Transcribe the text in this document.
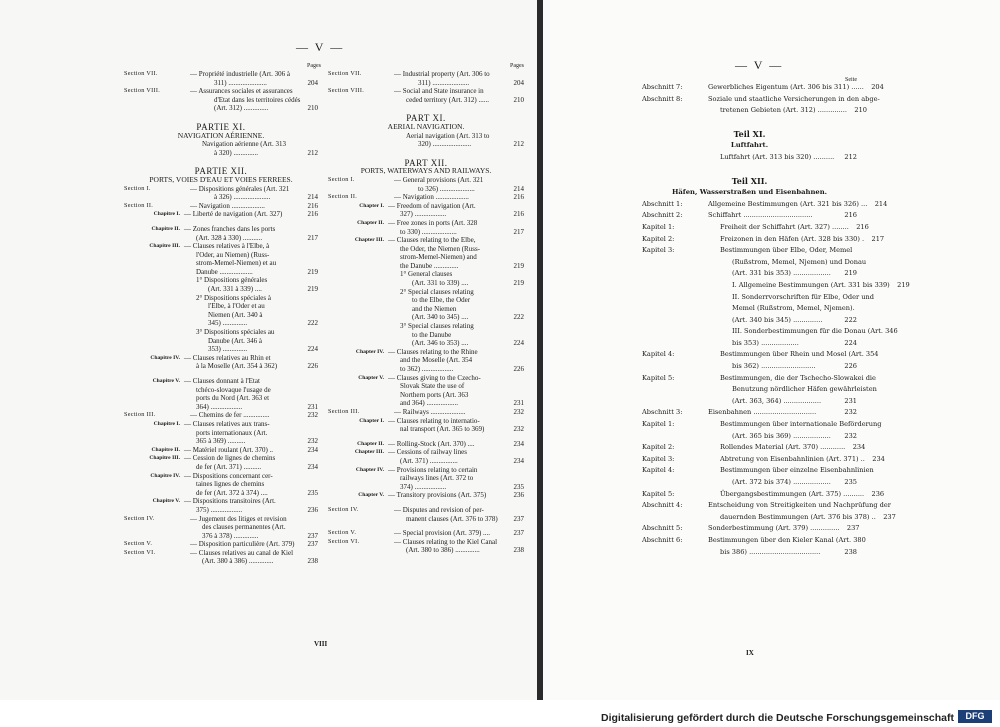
— V —
— V —
Pages	Pages
Seite
Section VII.	— Propriété industrielle (Art. 306 à
311) ......................	204
Section VIII.	— Assurances sociales et assurances
d'Etat dans les territoires cédés
(Art. 312) ..............	210
PARTIE XI.
NAVIGATION AÉRIENNE.
Navigation aérienne (Art. 313
à 320) ..............	212
PARTIE XII.
PORTS, VOIES D'EAU ET VOIES FERREES.
Section I.	— Dispositions générales (Art. 321
à 326) .....................	214
Section II.	— Navigation ...................	216
Chapitre I. — Liberté de navigation (Art. 327)	216
Chapitre II. — Zones franches dans les ports
(Art. 328 à 330) ...........	217
Chapitre III. — Clauses relatives à l'Elbe, à
l'Oder, au Niemen) (Russ-
strom-Memel-Niemen) et au
Danube ...................	219
1° Dispositions générales
(Art. 331 à 339) ....	219
2° Dispositions spéciales à
l'Elbe, à l'Oder et au
Niemen (Art. 340 à
345) ..............	222
3° Dispositions spéciales au
Danube (Art. 346 à
353) ..............	224
Chapitre IV. — Clauses relatives au Rhin et
à la Moselle (Art. 354 à 362)	226
Chapitre V. — Clauses donnant à l'Etat
tchéco-slovaque l'usage de
ports du Nord (Art. 363 et
364) ..................	231
Section III.	— Chemins de fer ...............	232
Chapitre I. — Clauses relatives aux trans-
ports internationaux (Art.
365 à 369) ..........	232
Chapitre II. — Matériel roulant (Art. 370) ..	234
Chapitre III. — Cession de lignes de chemins
de fer (Art. 371) ..........	234
Chapitre IV. — Dispositions concernant cer-
taines lignes de chemins
de fer (Art. 372 à 374) ....	235
Chapitre V. — Dispositions transitoires (Art.
375) ..................	236
Section IV.	— Jugement des litiges et revision
des clauses permanentes (Art.
376 à 378) ..............	237
Section V.	— Disposition particulière (Art. 379)	237
Section VI.	— Clauses relatives au canal de Kiel
(Art. 380 à 386) ..............	238
Section VII.	— Industrial property (Art. 306 to
311) .....................	204
Section VIII.	— Social and State insurance in
ceded territory (Art. 312) ......	210
PART XI.
AERIAL NAVIGATION.
Aerial navigation (Art. 313 to
320) ......................	212
PART XII.
PORTS, WATERWAYS AND RAILWAYS.
Section I.	— General provisions (Art. 321
to 326) ....................	214
Section II.	— Navigation ...................	216
Chapter I. — Freedom of navigation (Art.
327) ..................	216
Chapter II. — Free zones in ports (Art. 328
to 330) ....................	217
Chapter III. — Clauses relating to the Elbe,
the Oder, the Niemen (Russ-
strom-Memel-Niemen) and
the Danube ..............	219
1° General clauses
(Art. 331 to 339) ....	219
2° Special clauses relating
to the Elbe, the Oder
and the Niemen
(Art. 340 to 345) ....	222
3° Special clauses relating
to the Danube
(Art. 346 to 353) ....	224
Chapter IV. — Clauses relating to the Rhine
and the Moselle (Art. 354
to 362) ..................	226
Chapter V. — Clauses giving to the Czecho-
Slovak State the use of
Northern ports (Art. 363
and 364) ..................	231
Section III.	— Railways ....................	232
Chapter I. — Clauses relating to internatio-
nal transport (Art. 365 to 369)	232
Chapter II. — Rolling-Stock (Art. 370) ....	234
Chapter III. — Cessions of railway lines
(Art. 371) ................	234
Chapter IV. — Provisions relating to certain
railways lines (Art. 372 to
374) ..................	235
Chapter V. — Transitory provisions (Art. 375)	236
Section IV.	— Disputes and revision of per-
manent clauses (Art. 376 to 378)	237
Section V.	— Special provision (Art. 379) ....	237
Section VI.	— Clauses relating to the Kiel Canal
(Art. 380 to 386) ..............	238
Abschnitt 7:	Gewerbliches Eigentum (Art. 306 bis 311) ......	204
Abschnitt 8:	Soziale und staatliche Versicherungen in den abge-
tretenen Gebieten (Art. 312) ..............	210
Teil XI.
Luftfahrt.
Luftfahrt (Art. 313 bis 320) ..........	212
Teil XII.
Häfen, Wasserstraßen und Eisenbahnen.
Abschnitt 1:	Allgemeine Bestimmungen (Art. 321 bis 326) ...	214
Abschnitt 2:	Schiffahrt .................................	216
Kapitel 1:	Freiheit der Schiffahrt (Art. 327) ........	216
Kapitel 2:	Freizonen in den Häfen (Art. 328 bis 330) .	217
Kapitel 3:	Bestimmungen über Elbe, Oder, Memel
(Rußstrom, Memel, Njemen) und Donau
(Art. 331 bis 353) ..................	219
I. Allgemeine Bestimmungen (Art. 331 bis 339)	219
II. Sonderrvorschriften für Elbe, Oder und
Memel (Rußstrom, Memel, Njemen).
(Art. 340 bis 345) ..............	222
III. Sonderbestimmungen für die Donau (Art. 346
bis 353) ..................	224
Kapitel 4:	Bestimmungen über Rhein und Mosel (Art. 354
bis 362) ..........................	226
Kapitel 5:	Bestimmungen, die der Tschecho-Slowakei die
Benutzung nördlicher Häfen gewährleisten
(Art. 363, 364) ..................	231
Abschnitt 3:	Eisenbahnen ..............................	232
Kapitel 1:	Bestimmungen über internationale Beförderung
(Art. 365 bis 369) ..................	232
Kapitel 2:	Rollendes Material (Art. 370) ............	234
Kapitel 3:	Abtretung von Eisenbahnlinien (Art. 371) ..	234
Kapitel 4:	Bestimmungen über einzelne Eisenbahnlinien
(Art. 372 bis 374) ..................	235
Kapitel 5:	Übergangsbestimmungen (Art. 375) ..........	236
Abschnitt 4:	Entscheidung von Streitigkeiten und Nachprüfung der
dauernden Bestimmungen (Art. 376 bis 378) ..	237
Abschnitt 5:	Sonderbestimmung (Art. 379) ..............	237
Abschnitt 6:	Bestimmungen über den Kieler Kanal (Art. 380
bis 386) ..................................	238
VIII
IX
Digitalisierung gefördert durch die Deutsche Forschungsgemeinschaft	DFG
